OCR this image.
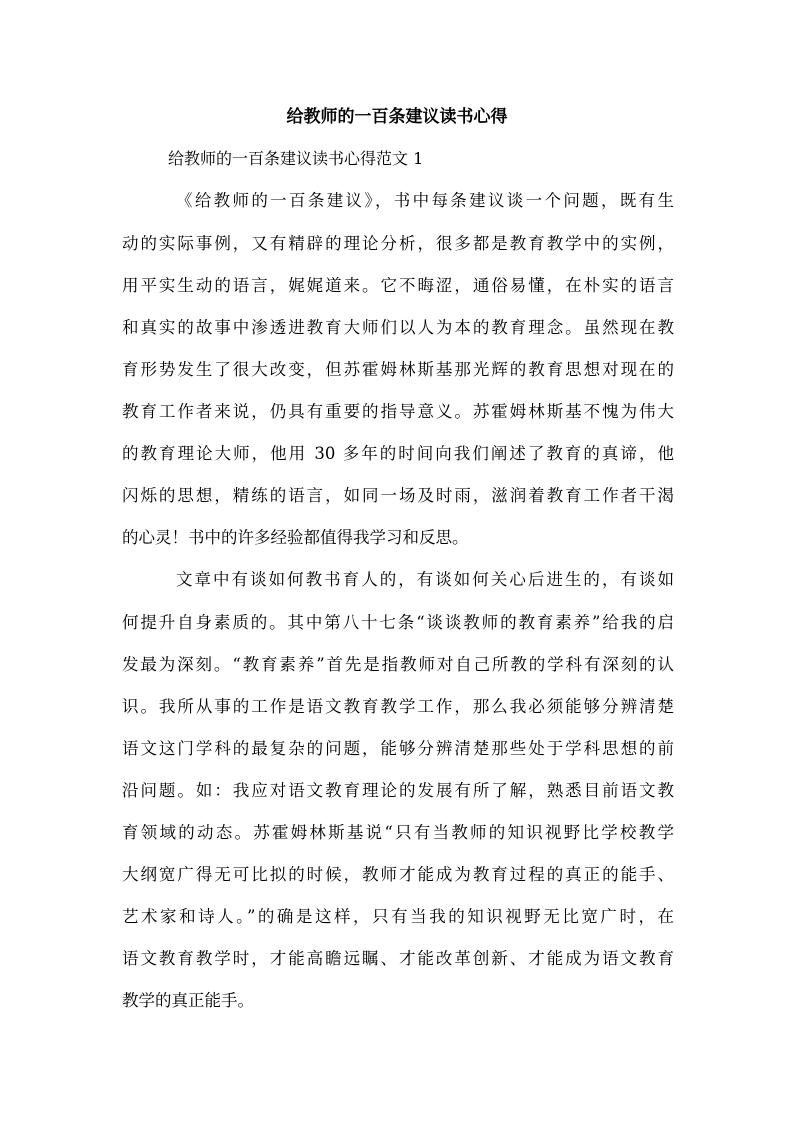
给教师的一百条建议读书心得
给教师的一百条建议读书心得范文 1
《给教师的一百条建议》，书中每条建议谈一个问题，既有生
动的实际事例，又有精辟的理论分析，很多都是教育教学中的实例，
用平实生动的语言，娓娓道来。它不晦涩，通俗易懂，在朴实的语言
和真实的故事中渗透进教育大师们以人为本的教育理念。虽然现在教
育形势发生了很大改变，但苏霍姆林斯基那光辉的教育思想对现在的
教育工作者来说，仍具有重要的指导意义。苏霍姆林斯基不愧为伟大
的教育理论大师，他用 30 多年的时间向我们阐述了教育的真谛，他
闪烁的思想，精练的语言，如同一场及时雨，滋润着教育工作者干渴
的心灵！书中的许多经验都值得我学习和反思。
文章中有谈如何教书育人的，有谈如何关心后进生的，有谈如
何提升自身素质的。其中第八十七条“谈谈教师的教育素养”给我的启
发最为深刻。“教育素养”首先是指教师对自己所教的学科有深刻的认
识。我所从事的工作是语文教育教学工作，那么我必须能够分辨清楚
语文这门学科的最复杂的问题，能够分辨清楚那些处于学科思想的前
沿问题。如：我应对语文教育理论的发展有所了解，熟悉目前语文教
育领域的动态。苏霍姆林斯基说“只有当教师的知识视野比学校教学
大纲宽广得无可比拟的时候，教师才能成为教育过程的真正的能手、
艺术家和诗人。”的确是这样，只有当我的知识视野无比宽广时，在
语文教育教学时，才能高瞻远瞩、才能改革创新、才能成为语文教育
教学的真正能手。
